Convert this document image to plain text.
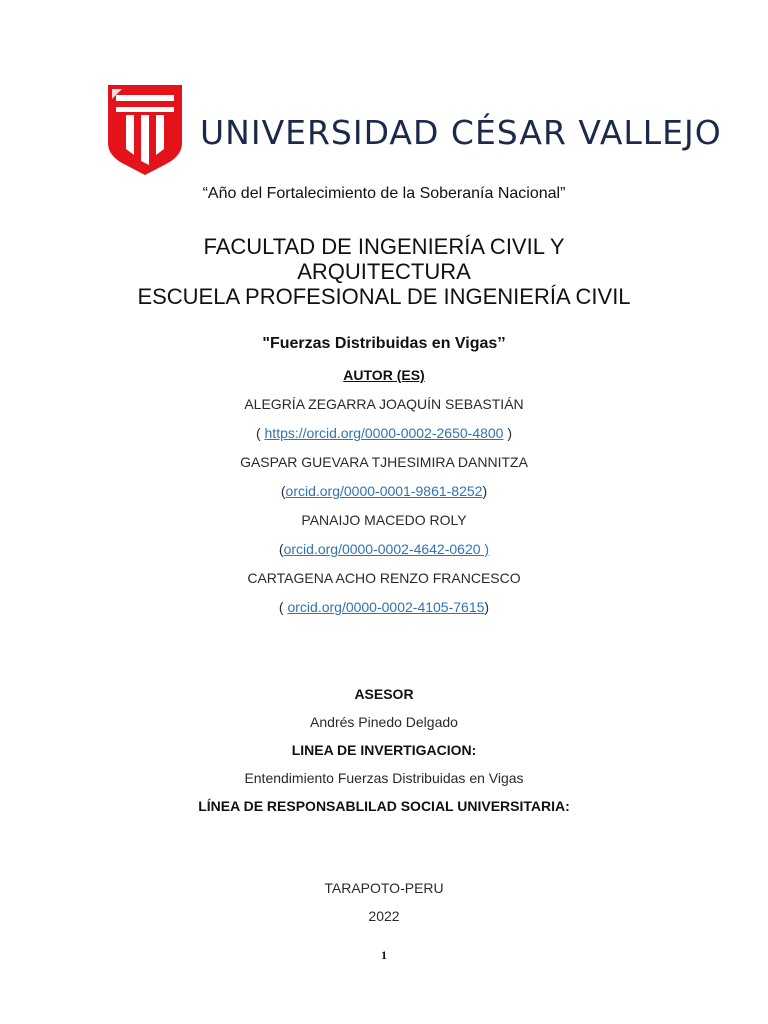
UNIVERSIDAD CÉSAR VALLEJO
“Año del Fortalecimiento de la Soberanía Nacional”
FACULTAD DE INGENIERÍA CIVIL Y
ARQUITECTURA
ESCUELA PROFESIONAL DE INGENIERÍA CIVIL
"Fuerzas Distribuidas en Vigas’’
AUTOR (ES)
ALEGRÍA ZEGARRA JOAQUÍN SEBASTIÁN
( https://orcid.org/0000-0002-2650-4800 )
GASPAR GUEVARA TJHESIMIRA DANNITZA
(orcid.org/0000-0001-9861-8252)
PANAIJO MACEDO ROLY
(orcid.org/0000-0002-4642-0620 )
CARTAGENA ACHO RENZO FRANCESCO
( orcid.org/0000-0002-4105-7615)
ASESOR
Andrés Pinedo Delgado
LINEA DE INVERTIGACION:
Entendimiento Fuerzas Distribuidas en Vigas
LÍNEA DE RESPONSABLILAD SOCIAL UNIVERSITARIA:
TARAPOTO-PERU
2022
1
